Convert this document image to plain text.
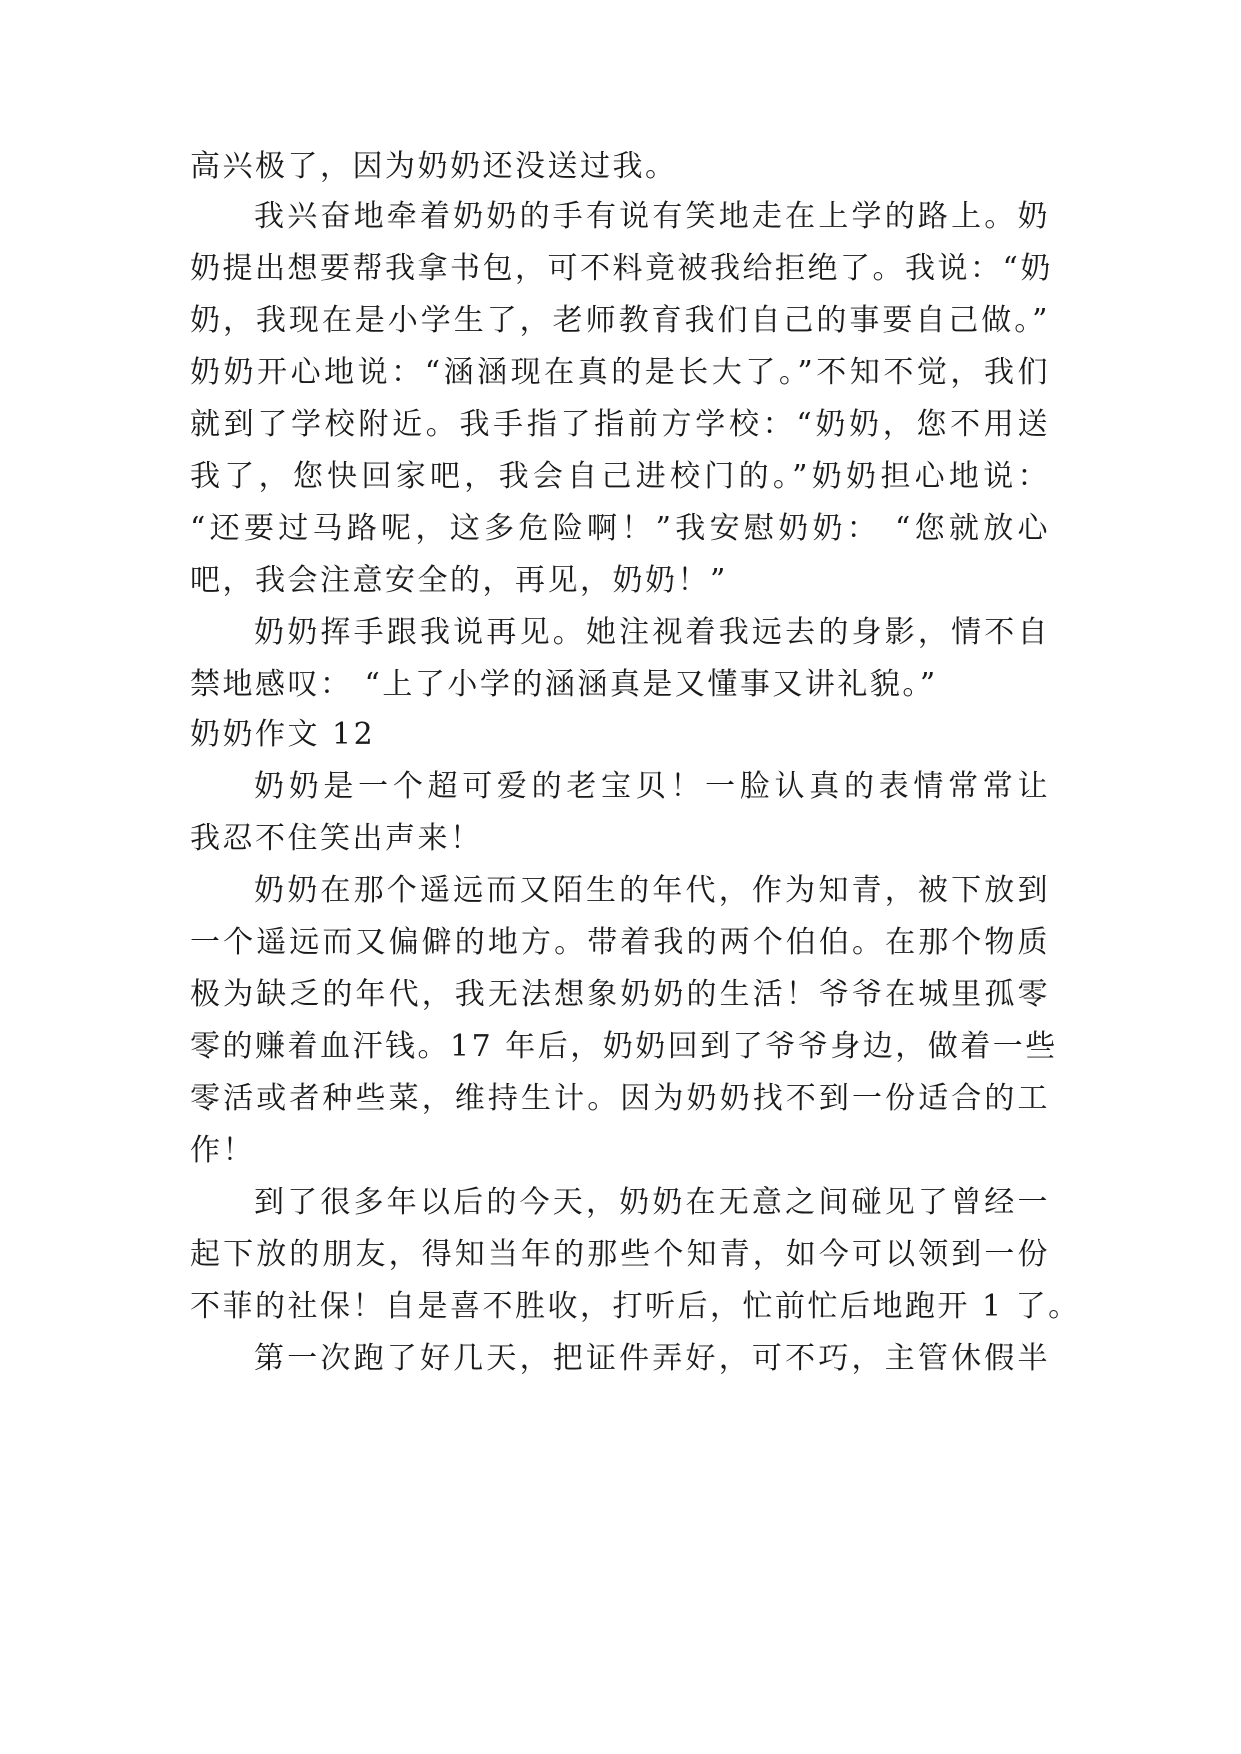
高兴极了，因为奶奶还没送过我。
我兴奋地牵着奶奶的手有说有笑地走在上学的路上。奶
奶提出想要帮我拿书包，可不料竟被我给拒绝了。我说：“奶
奶，我现在是小学生了，老师教育我们自己的事要自己做。”
奶奶开心地说：“涵涵现在真的是长大了。”不知不觉，我们
就到了学校附近。我手指了指前方学校：“奶奶，您不用送
我了，您快回家吧，我会自己进校门的。”奶奶担心地说：
“还要过马路呢，这多危险啊！”我安慰奶奶： “您就放心
吧，我会注意安全的，再见，奶奶！”
奶奶挥手跟我说再见。她注视着我远去的身影，情不自
禁地感叹： “上了小学的涵涵真是又懂事又讲礼貌。”
奶奶作文 12
奶奶是一个超可爱的老宝贝！一脸认真的表情常常让
我忍不住笑出声来！
奶奶在那个遥远而又陌生的年代，作为知青，被下放到
一个遥远而又偏僻的地方。带着我的两个伯伯。在那个物质
极为缺乏的年代，我无法想象奶奶的生活！爷爷在城里孤零
零的赚着血汗钱。17 年后，奶奶回到了爷爷身边，做着一些
零活或者种些菜，维持生计。因为奶奶找不到一份适合的工
作！
到了很多年以后的今天，奶奶在无意之间碰见了曾经一
起下放的朋友，得知当年的那些个知青，如今可以领到一份
不菲的社保！自是喜不胜收，打听后，忙前忙后地跑开 1 了。
第一次跑了好几天，把证件弄好，可不巧，主管休假半
